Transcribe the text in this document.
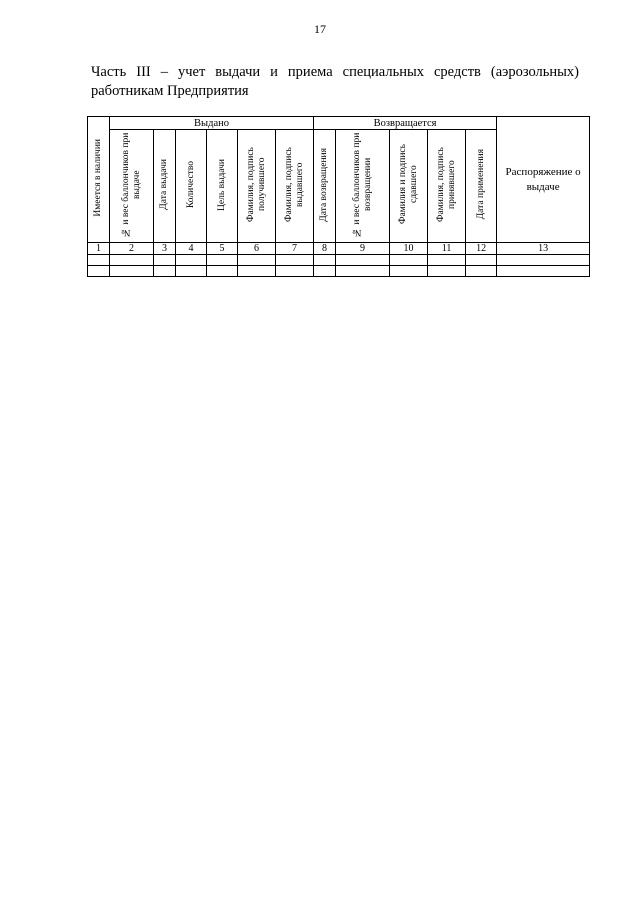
17
Часть III – учет выдачи и приема специальных средств (аэрозольных)
работникам Предприятия
Имеется в наличии	Выдано						Возвращается					Распоряжение о выдаче
	№ и вес баллончиков при выдаче	Дата выдачи	Количество	Цель выдачи	Фамилия, подпись получившего	Фамилия, подпись выдавшего	Дата возвращения	№ и вес баллончиков при возвращении	Фамилия и подпись сдавшего	Фамилия, подпись принявшего	Дата применения	
1	2	3	4	5	6	7	8	9	10	11	12	13
